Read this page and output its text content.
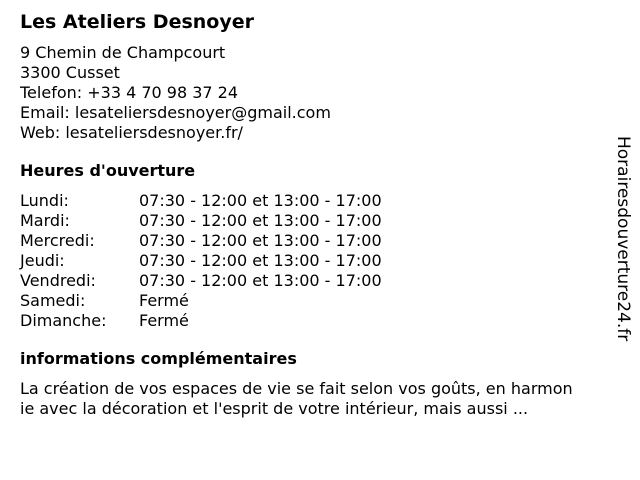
Les Ateliers Desnoyer
9 Chemin de Champcourt
3300 Cusset
Telefon: +33 4 70 98 37 24
Email: lesateliersdesnoyer@gmail.com
Web: lesateliersdesnoyer.fr/
Heures d'ouverture
Lundi:	07:30 - 12:00 et 13:00 - 17:00
Mardi:	07:30 - 12:00 et 13:00 - 17:00
Mercredi:	07:30 - 12:00 et 13:00 - 17:00
Jeudi:	07:30 - 12:00 et 13:00 - 17:00
Vendredi:	07:30 - 12:00 et 13:00 - 17:00
Samedi:	Fermé
Dimanche:	Fermé
informations complémentaires
La création de vos espaces de vie se fait selon vos goûts, en harmon
ie avec la décoration et l'esprit de votre intérieur, mais aussi ...
Horairesdouverture24.fr
